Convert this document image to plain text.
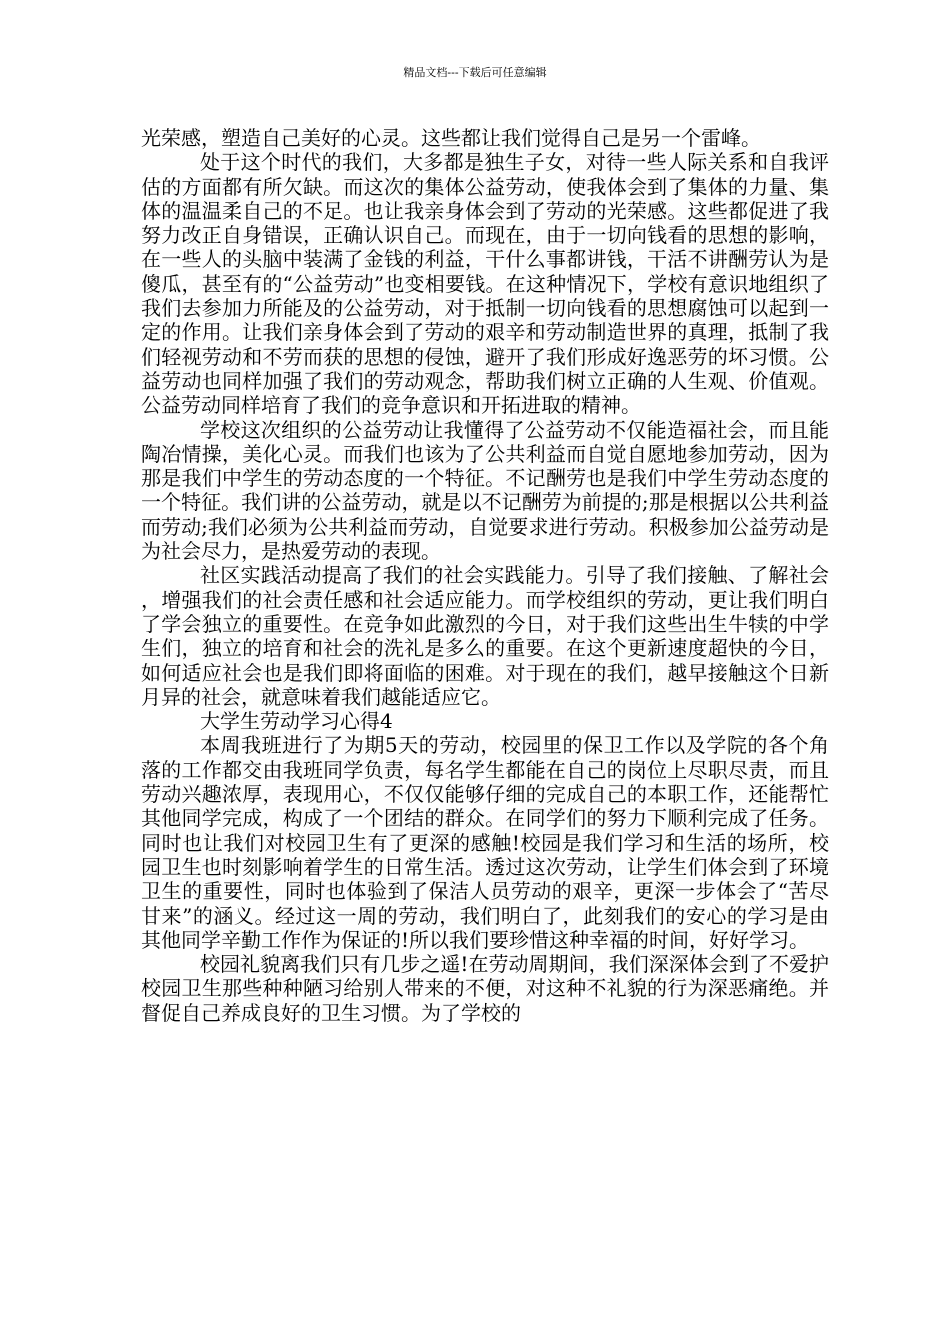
精品文档---下载后可任意编辑

光荣感，塑造自己美好的心灵。这些都让我们觉得自己是另一个雷峰。

处于这个时代的我们，大多都是独生子女，对待一些人际关系和自我评估的方面都有所欠缺。而这次的集体公益劳动，使我体会到了集体的力量、集体的温温柔自己的不足。也让我亲身体会到了劳动的光荣感。这些都促进了我努力改正自身错误，正确认识自己。而现在，由于一切向钱看的思想的影响，在一些人的头脑中装满了金钱的利益，干什么事都讲钱，干活不讲酬劳认为是傻瓜，甚至有的“公益劳动”也变相要钱。在这种情况下，学校有意识地组织了我们去参加力所能及的公益劳动，对于抵制一切向钱看的思想腐蚀可以起到一定的作用。让我们亲身体会到了劳动的艰辛和劳动制造世界的真理，抵制了我们轻视劳动和不劳而获的思想的侵蚀，避开了我们形成好逸恶劳的坏习惯。公益劳动也同样加强了我们的劳动观念，帮助我们树立正确的人生观、价值观。公益劳动同样培育了我们的竞争意识和开拓进取的精神。

学校这次组织的公益劳动让我懂得了公益劳动不仅能造福社会，而且能陶冶情操，美化心灵。而我们也该为了公共利益而自觉自愿地参加劳动，因为那是我们中学生的劳动态度的一个特征。不记酬劳也是我们中学生劳动态度的一个特征。我们讲的公益劳动，就是以不记酬劳为前提的;那是根据以公共利益而劳动;我们必须为公共利益而劳动，自觉要求进行劳动。积极参加公益劳动是为社会尽力，是热爱劳动的表现。

社区实践活动提高了我们的社会实践能力。引导了我们接触、了解社会，增强我们的社会责任感和社会适应能力。而学校组织的劳动，更让我们明白了学会独立的重要性。在竞争如此激烈的今日，对于我们这些出生牛犊的中学生们，独立的培育和社会的洗礼是多么的重要。在这个更新速度超快的今日，如何适应社会也是我们即将面临的困难。对于现在的我们，越早接触这个日新月异的社会，就意味着我们越能适应它。

大学生劳动学习心得4

本周我班进行了为期5天的劳动，校园里的保卫工作以及学院的各个角落的工作都交由我班同学负责，每名学生都能在自己的岗位上尽职尽责，而且劳动兴趣浓厚，表现用心，不仅仅能够仔细的完成自己的本职工作，还能帮忙其他同学完成，构成了一个团结的群众。在同学们的努力下顺利完成了任务。同时也让我们对校园卫生有了更深的感触!校园是我们学习和生活的场所，校园卫生也时刻影响着学生的日常生活。透过这次劳动，让学生们体会到了环境卫生的重要性，同时也体验到了保洁人员劳动的艰辛，更深一步体会了“苦尽甘来”的涵义。经过这一周的劳动，我们明白了，此刻我们的安心的学习是由其他同学辛勤工作作为保证的!所以我们要珍惜这种幸福的时间，好好学习。

校园礼貌离我们只有几步之遥!在劳动周期间，我们深深体会到了不爱护校园卫生那些种种陋习给别人带来的不便，对这种不礼貌的行为深恶痛绝。并督促自己养成良好的卫生习惯。为了学校的
